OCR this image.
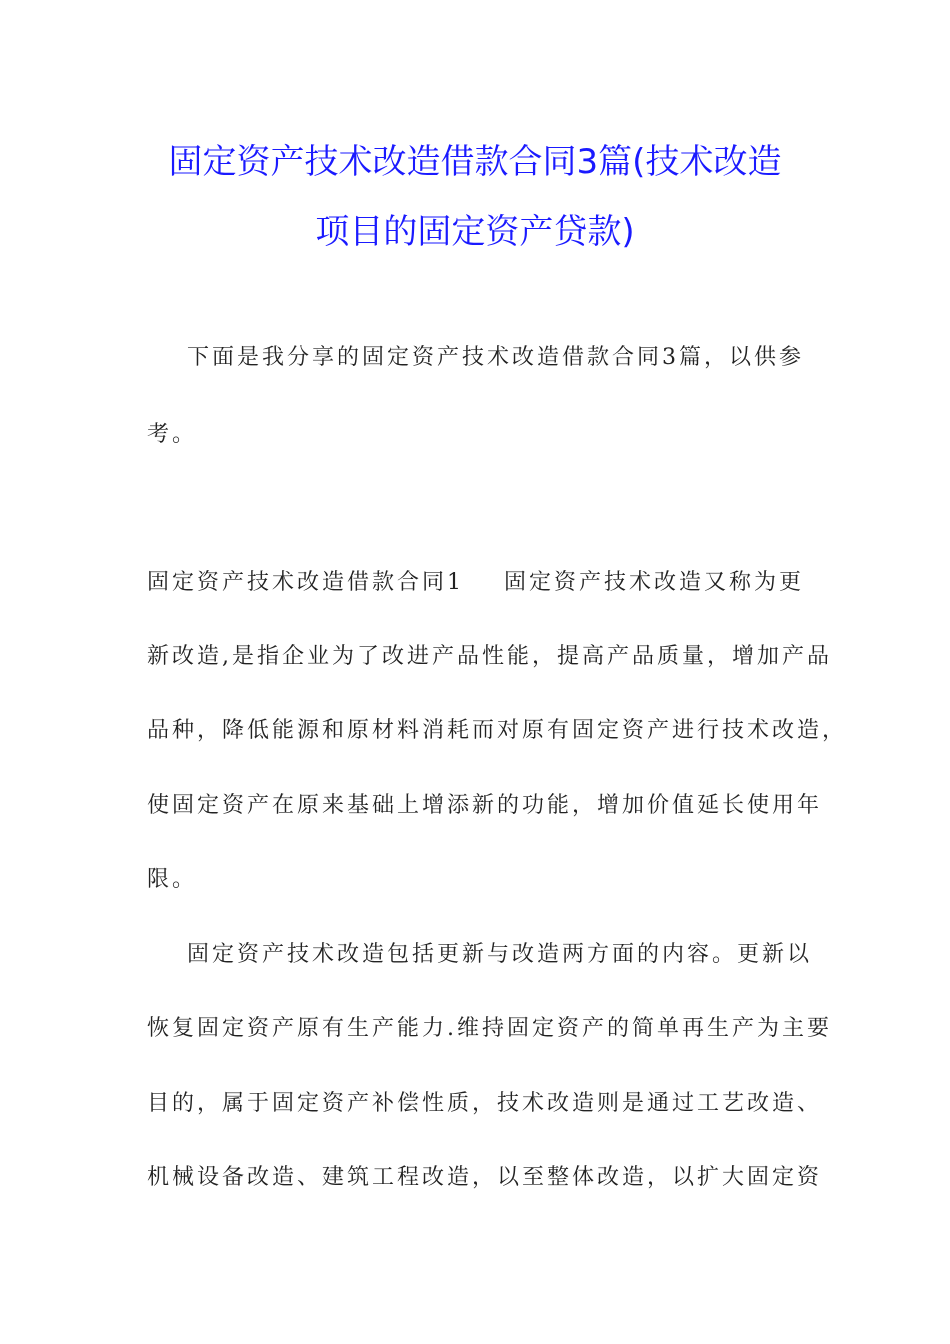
固定资产技术改造借款合同3篇(技术改造
项目的固定资产贷款)

下面是我分享的固定资产技术改造借款合同3篇，以供参

考。

固定资产技术改造借款合同1    固定资产技术改造又称为更

新改造,是指企业为了改进产品性能，提高产品质量，增加产品

品种，降低能源和原材料消耗而对原有固定资产进行技术改造，

使固定资产在原来基础上增添新的功能，增加价值延长使用年

限。

固定资产技术改造包括更新与改造两方面的内容。更新以

恢复固定资产原有生产能力.维持固定资产的简单再生产为主要

目的，属于固定资产补偿性质，技术改造则是通过工艺改造、

机械设备改造、建筑工程改造，以至整体改造，以扩大固定资
